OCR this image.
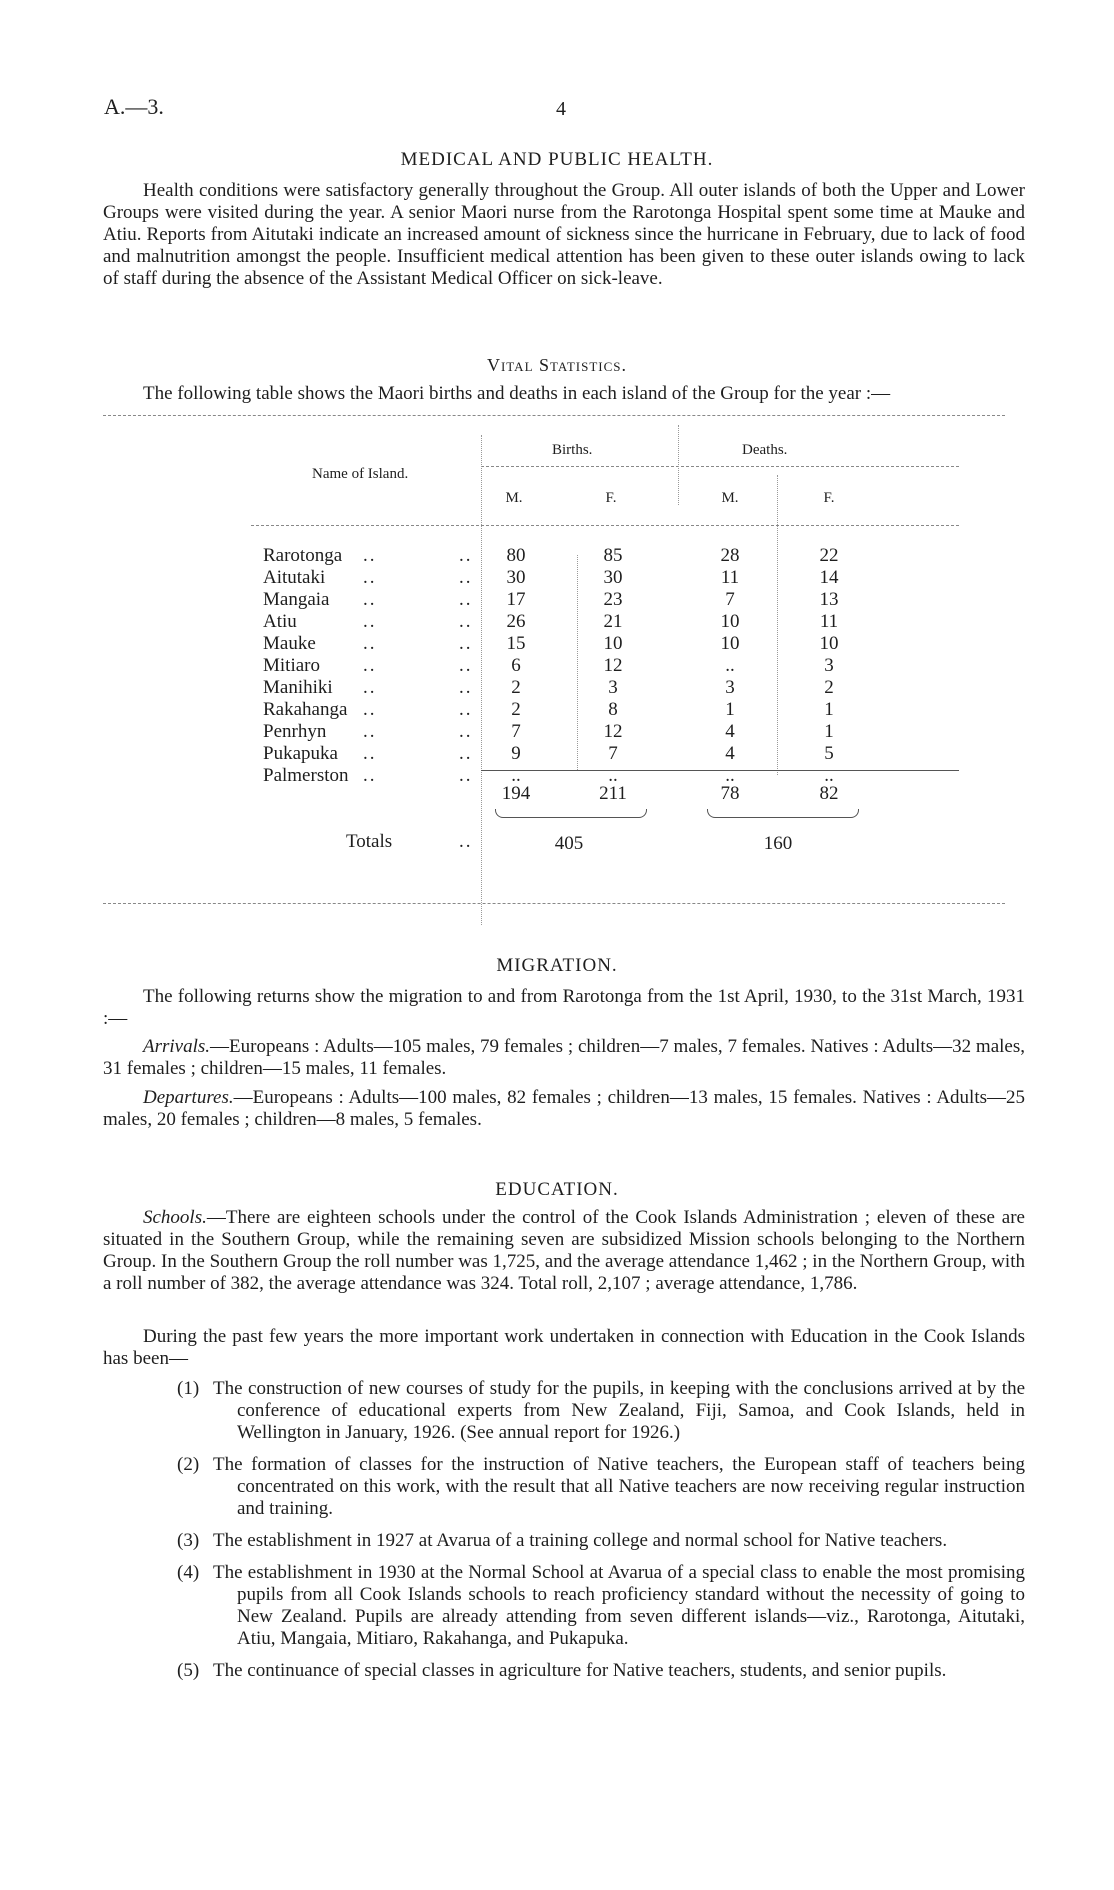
A.—3.	4
MEDICAL AND PUBLIC HEALTH.
Health conditions were satisfactory generally throughout the Group. All outer islands of both the Upper and Lower Groups were visited during the year. A senior Maori nurse from the Rarotonga Hospital spent some time at Mauke and Atiu. Reports from Aitutaki indicate an increased amount of sickness since the hurricane in February, due to lack of food and malnutrition amongst the people. Insufficient medical attention has been given to these outer islands owing to lack of staff during the absence of the Assistant Medical Officer on sick-leave.
Vital Statistics.
The following table shows the Maori births and deaths in each island of the Group for the year :—
Births.	Deaths.
Name of Island.
M.	F.	M.	F.
Rarotonga ..	..	80	85	28	22
Aitutaki ..	..	30	30	11	14
Mangaia ..	..	17	23	7	13
Atiu	..	..	26	21	10	11
Mauke ..	..	15	10	10	10
Mitiaro ..	..	6	12	..	3
Manihiki ..	..	2	3	3	2
Rakahanga ..	..	2	8	1	1
Penrhyn ..	..	7	12	4	1
Pukapuka ..	..	9	7	4	5
Palmerston ..	..	..	..	..	..
194	211	78	82
Totals	..	405	160
MIGRATION.
The following returns show the migration to and from Rarotonga from the 1st April, 1930, to the 31st March, 1931 :—
Arrivals.—Europeans : Adults—105 males, 79 females ; children—7 males, 7 females. Natives : Adults—32 males, 31 females ; children—15 males, 11 females.
Departures.—Europeans : Adults—100 males, 82 females ; children—13 males, 15 females. Natives : Adults—25 males, 20 females ; children—8 males, 5 females.
EDUCATION.
Schools.—There are eighteen schools under the control of the Cook Islands Administration ; eleven of these are situated in the Southern Group, while the remaining seven are subsidized Mission schools belonging to the Northern Group. In the Southern Group the roll number was 1,725, and the average attendance 1,462 ; in the Northern Group, with a roll number of 382, the average attendance was 324. Total roll, 2,107 ; average attendance, 1,786.
During the past few years the more important work undertaken in connection with Education in the Cook Islands has been—
(1) The construction of new courses of study for the pupils, in keeping with the conclusions arrived at by the conference of educational experts from New Zealand, Fiji, Samoa, and Cook Islands, held in Wellington in January, 1926. (See annual report for 1926.)
(2) The formation of classes for the instruction of Native teachers, the European staff of teachers being concentrated on this work, with the result that all Native teachers are now receiving regular instruction and training.
(3) The establishment in 1927 at Avarua of a training college and normal school for Native teachers.
(4) The establishment in 1930 at the Normal School at Avarua of a special class to enable the most promising pupils from all Cook Islands schools to reach proficiency standard without the necessity of going to New Zealand. Pupils are already attending from seven different islands—viz., Rarotonga, Aitutaki, Atiu, Mangaia, Mitiaro, Rakahanga, and Pukapuka.
(5) The continuance of special classes in agriculture for Native teachers, students, and senior pupils.
